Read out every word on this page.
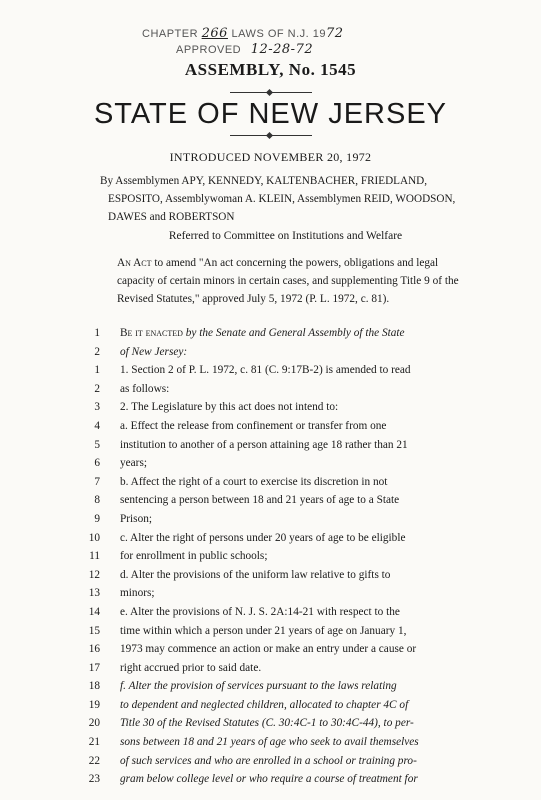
CHAPTER 266 LAWS OF N.J. 1972
APPROVED 12-28-72
ASSEMBLY, No. 1545
STATE OF NEW JERSEY
INTRODUCED NOVEMBER 20, 1972
By Assemblymen APY, KENNEDY, KALTENBACHER, FRIEDLAND, ESPOSITO, Assemblywoman A. KLEIN, Assemblymen REID, WOODSON, DAWES and ROBERTSON
Referred to Committee on Institutions and Welfare
An Act to amend "An act concerning the powers, obligations and legal capacity of certain minors in certain cases, and supplementing Title 9 of the Revised Statutes," approved July 5, 1972 (P. L. 1972, c. 81).
1 Be it enacted by the Senate and General Assembly of the State
2 of New Jersey:
1 1. Section 2 of P. L. 1972, c. 81 (C. 9:17B-2) is amended to read
2 as follows:
3 2. The Legislature by this act does not intend to:
4 a. Effect the release from confinement or transfer from one
5 institution to another of a person attaining age 18 rather than 21
6 years;
7 b. Affect the right of a court to exercise its discretion in not
8 sentencing a person between 18 and 21 years of age to a State
9 Prison;
10 c. Alter the right of persons under 20 years of age to be eligible
11 for enrollment in public schools;
12 d. Alter the provisions of the uniform law relative to gifts to
13 minors;
14 e. Alter the provisions of N. J. S. 2A:14-21 with respect to the
15 time within which a person under 21 years of age on January 1,
16 1973 may commence an action or make an entry under a cause or
17 right accrued prior to said date.
18 f. Alter the provision of services pursuant to the laws relating
19 to dependent and neglected children, allocated to chapter 4C of
20 Title 30 of the Revised Statutes (C. 30:4C-1 to 30:4C-44), to per-
21 sons between 18 and 21 years of age who seek to avail themselves
22 of such services and who are enrolled in a school or training pro-
23 gram below college level or who require a course of treatment for
